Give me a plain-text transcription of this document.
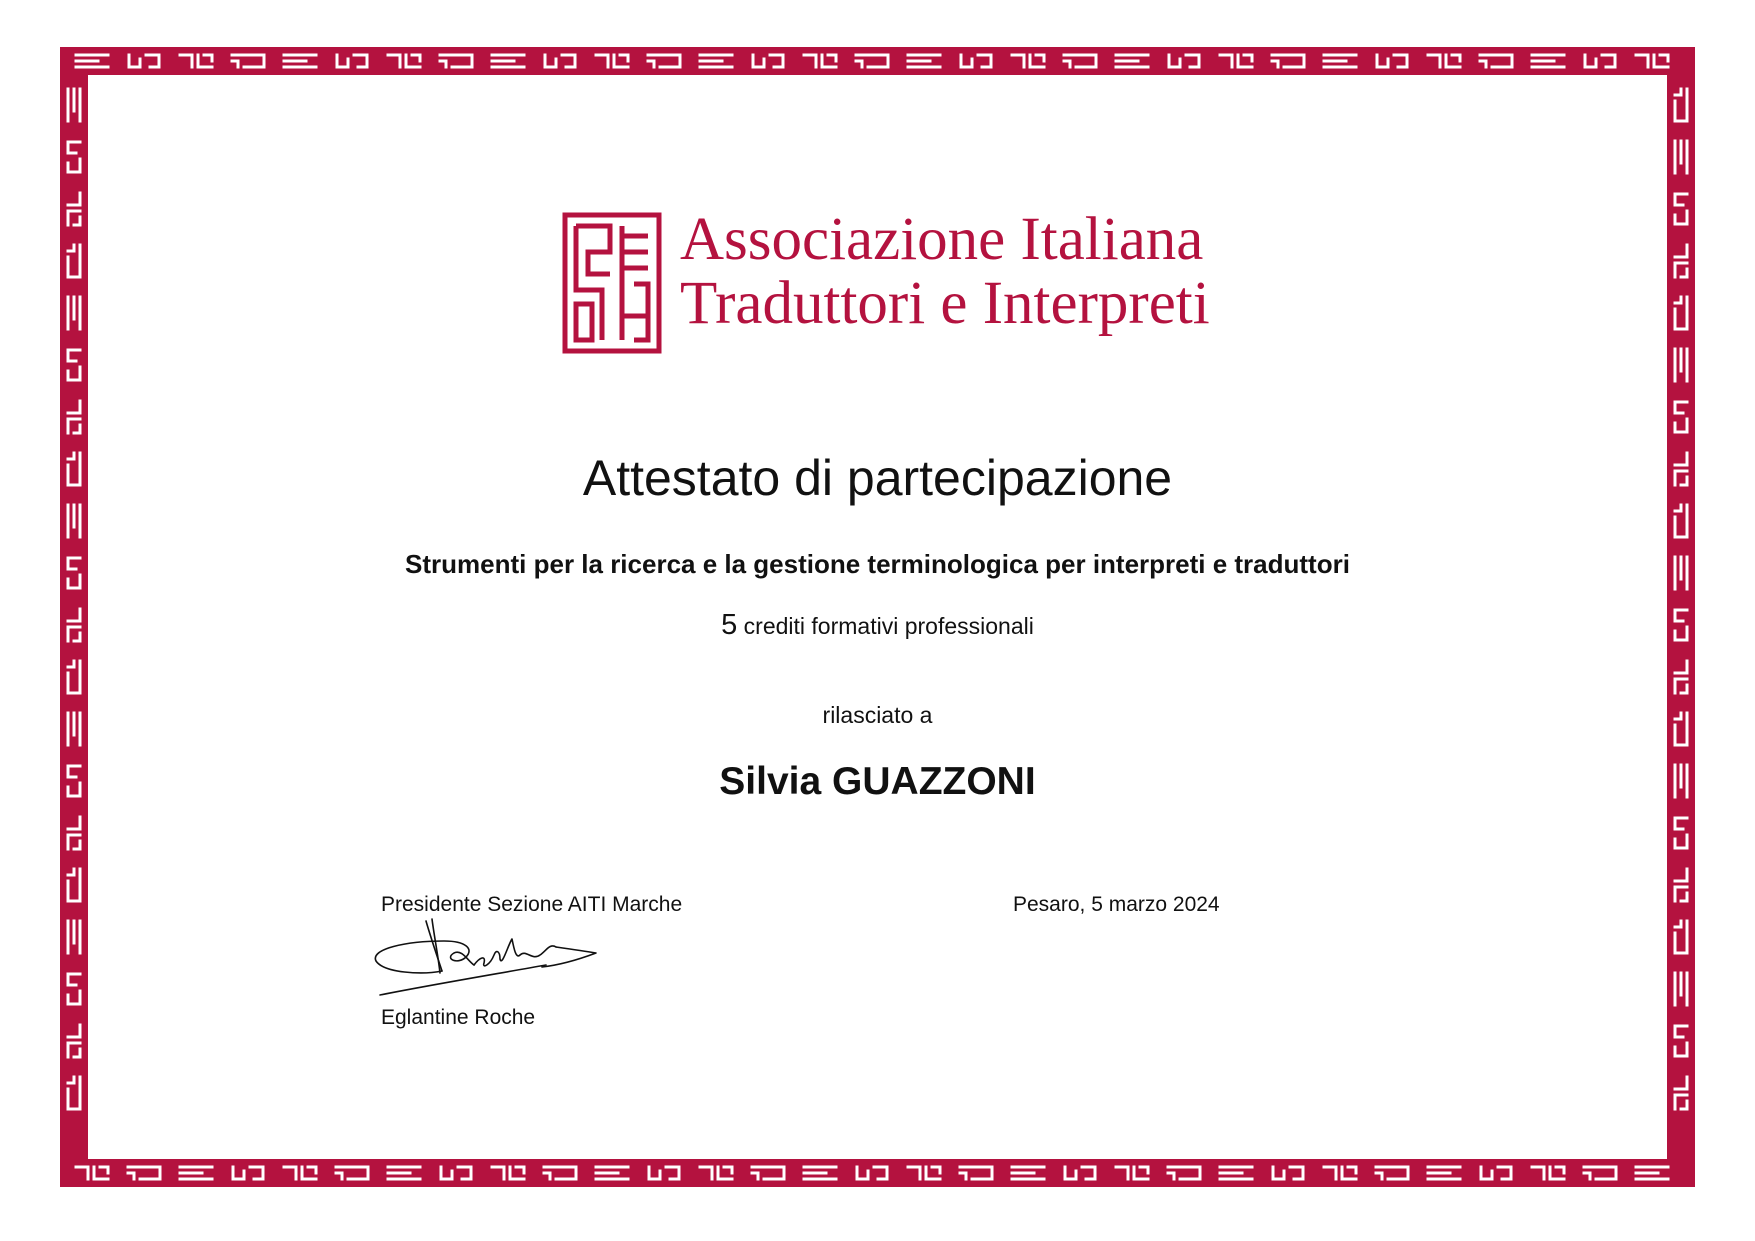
Associazione Italiana
Traduttori e Interpreti
Attestato di partecipazione
Strumenti per la ricerca e la gestione terminologica per interpreti e traduttori
5 crediti formativi professionali
rilasciato a
Silvia GUAZZONI
Presidente Sezione AITI Marche
Eglantine Roche
Pesaro, 5 marzo 2024
